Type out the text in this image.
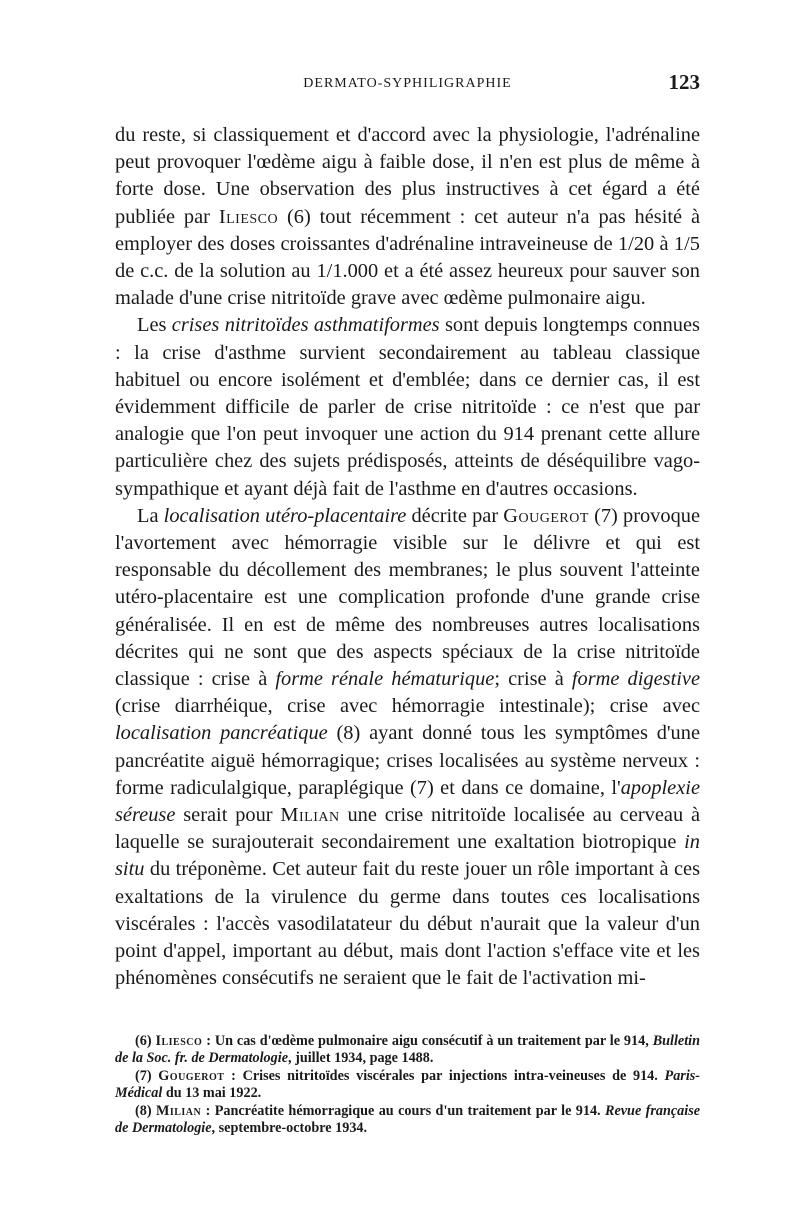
DERMATO-SYPHILIGRAPHIE	123

du reste, si classiquement et d'accord avec la physiologie, l'adrénaline peut provoquer l'œdème aigu à faible dose, il n'en est plus de même à forte dose. Une observation des plus instructives à cet égard a été publiée par Iliesco (6) tout récemment : cet auteur n'a pas hésité à employer des doses croissantes d'adrénaline intraveineuse de 1/20 à 1/5 de c.c. de la solution au 1/1.000 et a été assez heureux pour sauver son malade d'une crise nitritoïde grave avec œdème pulmonaire aigu.

Les crises nitritoïdes asthmatiformes sont depuis longtemps connues : la crise d'asthme survient secondairement au tableau classique habituel ou encore isolément et d'emblée; dans ce dernier cas, il est évidemment difficile de parler de crise nitritoïde : ce n'est que par analogie que l'on peut invoquer une action du 914 prenant cette allure particulière chez des sujets prédisposés, atteints de déséquilibre vago-sympathique et ayant déjà fait de l'asthme en d'autres occasions.

La localisation utéro-placentaire décrite par Gougerot (7) provoque l'avortement avec hémorragie visible sur le délivre et qui est responsable du décollement des membranes; le plus souvent l'atteinte utéro-placentaire est une complication profonde d'une grande crise généralisée. Il en est de même des nombreuses autres localisations décrites qui ne sont que des aspects spéciaux de la crise nitritoïde classique : crise à forme rénale hématurique; crise à forme digestive (crise diarrhéique, crise avec hémorragie intestinale); crise avec localisation pancréatique (8) ayant donné tous les symptômes d'une pancréatite aiguë hémorragique; crises localisées au système nerveux : forme radiculalgique, paraplégique (7) et dans ce domaine, l'apoplexie séreuse serait pour Milian une crise nitritoïde localisée au cerveau à laquelle se surajouterait secondairement une exaltation biotropique in situ du tréponème. Cet auteur fait du reste jouer un rôle important à ces exaltations de la virulence du germe dans toutes ces localisations viscérales : l'accès vasodilatateur du début n'aurait que la valeur d'un point d'appel, important au début, mais dont l'action s'efface vite et les phénomènes consécutifs ne seraient que le fait de l'activation mi-

(6) Iliesco : Un cas d'œdème pulmonaire aigu consécutif à un traitement par le 914, Bulletin de la Soc. fr. de Dermatologie, juillet 1934, page 1488.

(7) Gougerot : Crises nitritoïdes viscérales par injections intra-veineuses de 914. Paris-Médical du 13 mai 1922.

(8) Milian : Pancréatite hémorragique au cours d'un traitement par le 914. Revue française de Dermatologie, septembre-octobre 1934.
